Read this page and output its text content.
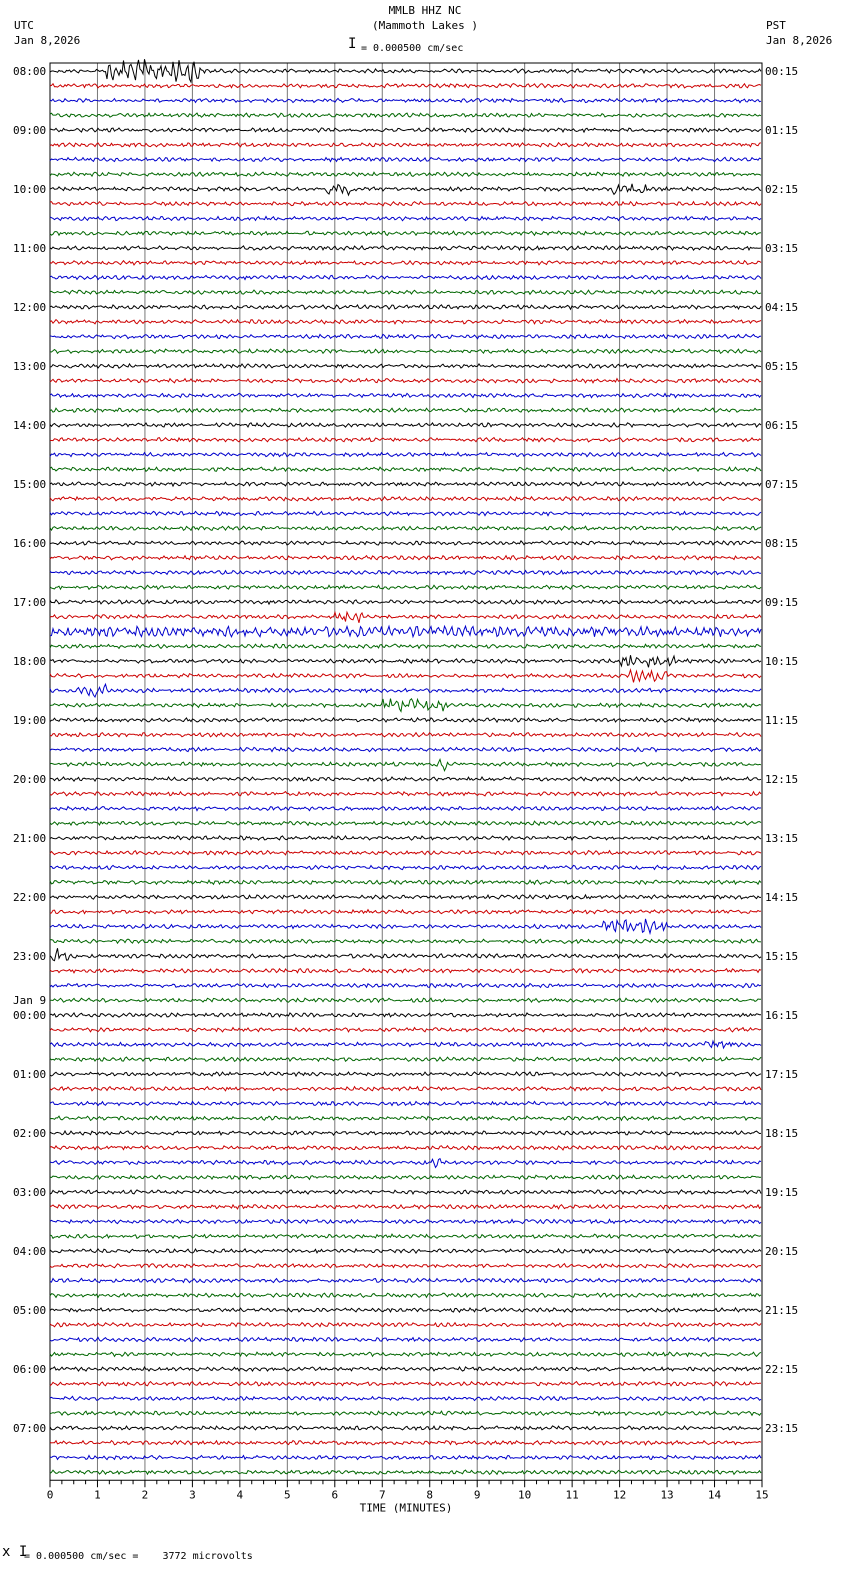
MMLB HHZ NC
(Mammoth Lakes )
UTC
Jan 8,2026
PST
Jan 8,2026
I = 0.000500 cm/sec
08:00	00:15
09:00	01:15
10:00	02:15
11:00	03:15
12:00	04:15
13:00	05:15
14:00	06:15
15:00	07:15
16:00	08:15
17:00	09:15
18:00	10:15
19:00	11:15
20:00	12:15
21:00	13:15
22:00	14:15
23:00	15:15
00:00	16:15
01:00	17:15
02:00	18:15
03:00	19:15
04:00	20:15
05:00	21:15
06:00	22:15
07:00	23:15
Jan 9
0	1	2	3	4	5	6	7	8	9	10	11	12	13	14	15
TIME (MINUTES)
x I
= 0.000500 cm/sec =    3772 microvolts
